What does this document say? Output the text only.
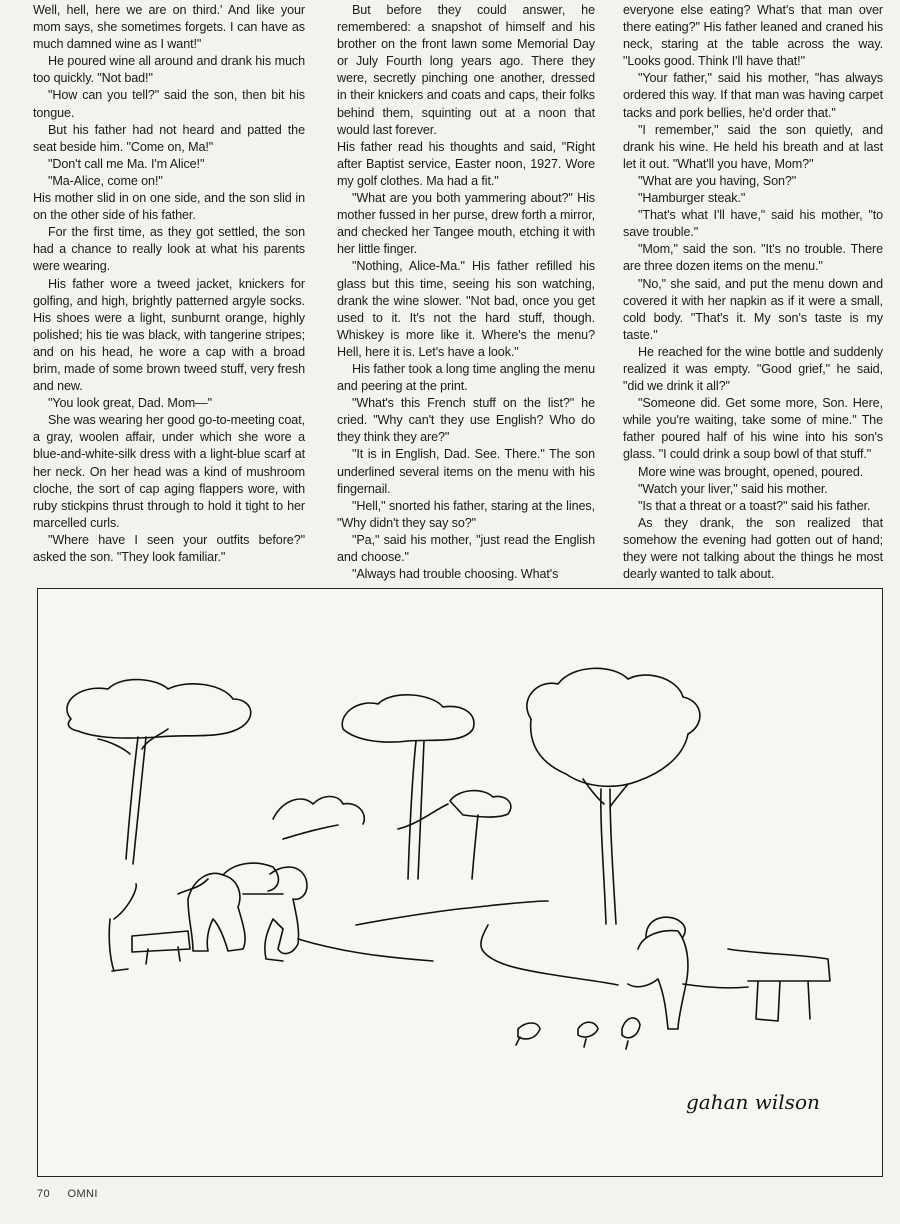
Well, hell, here we are on third.' And like your mom says, she sometimes forgets. I can have as much damned wine as I want!"

He poured wine all around and drank his much too quickly. "Not bad!"

"How can you tell?" said the son, then bit his tongue.

But his father had not heard and patted the seat beside him. "Come on, Ma!"

"Don't call me Ma. I'm Alice!"

"Ma-Alice, come on!"

His mother slid in on one side, and the son slid in on the other side of his father.

For the first time, as they got settled, the son had a chance to really look at what his parents were wearing.

His father wore a tweed jacket, knickers for golfing, and high, brightly patterned argyle socks. His shoes were a light, sunburnt orange, highly polished; his tie was black, with tangerine stripes; and on his head, he wore a cap with a broad brim, made of some brown tweed stuff, very fresh and new.

"You look great, Dad. Mom—"

She was wearing her good go-to-meeting coat, a gray, woolen affair, under which she wore a blue-and-white-silk dress with a light-blue scarf at her neck. On her head was a kind of mushroom cloche, the sort of cap aging flappers wore, with ruby stickpins thrust through to hold it tight to her marcelled curls.

"Where have I seen your outfits before?" asked the son. "They look familiar."

But before they could answer, he remembered: a snapshot of himself and his brother on the front lawn some Memorial Day or July Fourth long years ago. There they were, secretly pinching one another, dressed in their knickers and coats and caps, their folks behind them, squinting out at a noon that would last forever.

His father read his thoughts and said, "Right after Baptist service, Easter noon, 1927. Wore my golf clothes. Ma had a fit."

"What are you both yammering about?" His mother fussed in her purse, drew forth a mirror, and checked her Tangee mouth, etching it with her little finger.

"Nothing, Alice-Ma." His father refilled his glass but this time, seeing his son watching, drank the wine slower. "Not bad, once you get used to it. It's not the hard stuff, though. Whiskey is more like it. Where's the menu? Hell, here it is. Let's have a look."

His father took a long time angling the menu and peering at the print.

"What's this French stuff on the list?" he cried. "Why can't they use English? Who do they think they are?"

"It is in English, Dad. See. There." The son underlined several items on the menu with his fingernail.

"Hell," snorted his father, staring at the lines, "Why didn't they say so?"

"Pa," said his mother, "just read the English and choose."

"Always had trouble choosing. What's

everyone else eating? What's that man over there eating?" His father leaned and craned his neck, staring at the table across the way. "Looks good. Think I'll have that!"

"Your father," said his mother, "has always ordered this way. If that man was having carpet tacks and pork bellies, he'd order that."

"I remember," said the son quietly, and drank his wine. He held his breath and at last let it out. "What'll you have, Mom?"

"What are you having, Son?"

"Hamburger steak."

"That's what I'll have," said his mother, "to save trouble."

"Mom," said the son. "It's no trouble. There are three dozen items on the menu."

"No," she said, and put the menu down and covered it with her napkin as if it were a small, cold body. "That's it. My son's taste is my taste."

He reached for the wine bottle and suddenly realized it was empty. "Good grief," he said, "did we drink it all?"

"Someone did. Get some more, Son. Here, while you're waiting, take some of mine." The father poured half of his wine into his son's glass. "I could drink a soup bowl of that stuff."

More wine was brought, opened, poured.

"Watch your liver," said his mother.

"Is that a threat or a toast?" said his father.

As they drank, the son realized that somehow the evening had gotten out of hand; they were not talking about the things he most dearly wanted to talk about.

gahan wilson
70 OMNI
